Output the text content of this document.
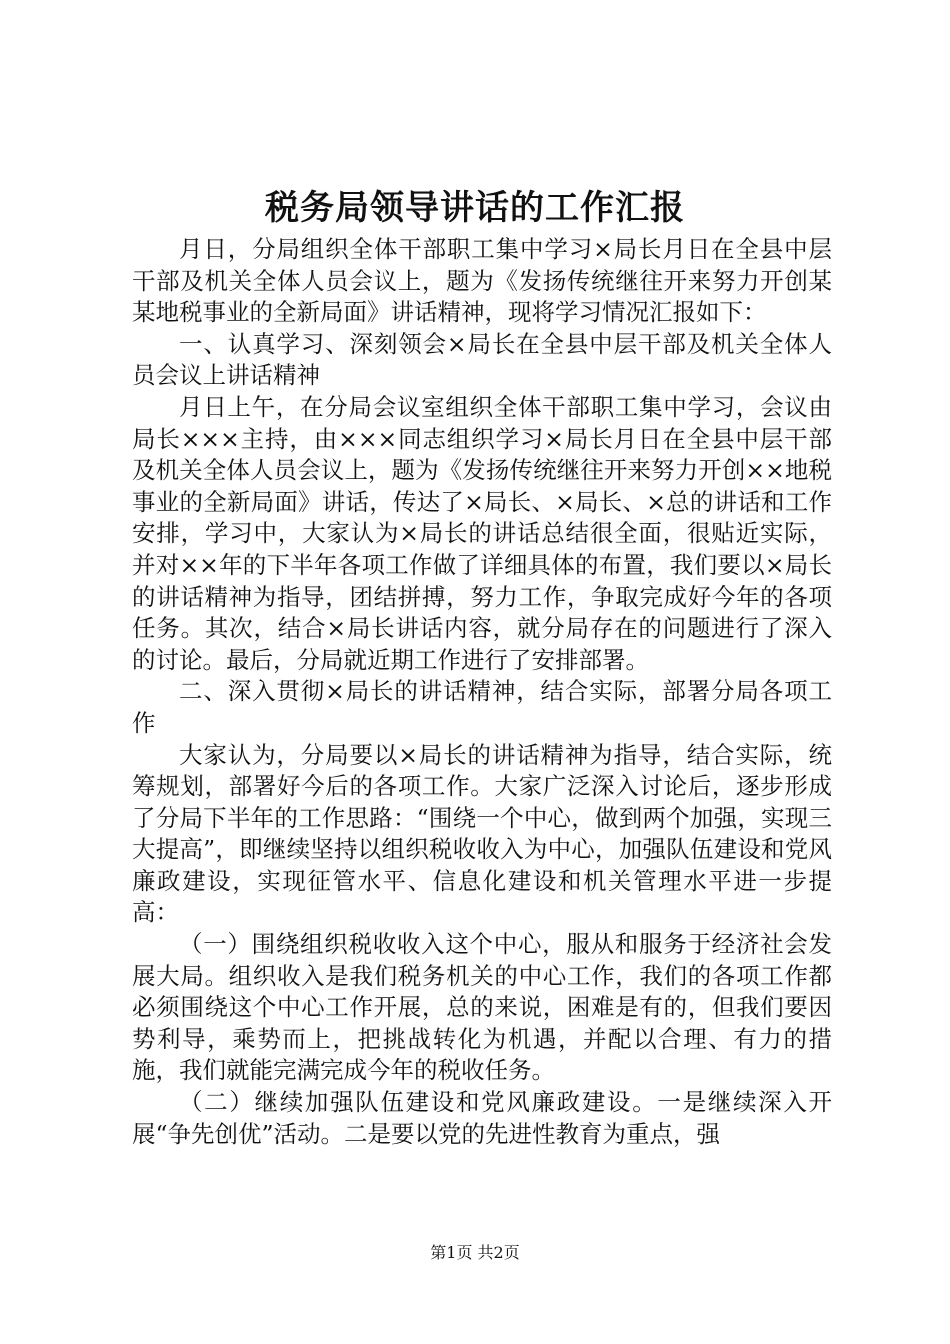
税务局领导讲话的工作汇报

月日，分局组织全体干部职工集中学习×局长月日在全县中层干部及机关全体人员会议上，题为《发扬传统继往开来努力开创某某地税事业的全新局面》讲话精神，现将学习情况汇报如下：

一、认真学习、深刻领会×局长在全县中层干部及机关全体人员会议上讲话精神

月日上午，在分局会议室组织全体干部职工集中学习，会议由局长×××主持，由×××同志组织学习×局长月日在全县中层干部及机关全体人员会议上，题为《发扬传统继往开来努力开创××地税事业的全新局面》讲话，传达了×局长、×局长、×总的讲话和工作安排，学习中，大家认为×局长的讲话总结很全面，很贴近实际，并对××年的下半年各项工作做了详细具体的布置，我们要以×局长的讲话精神为指导，团结拼搏，努力工作，争取完成好今年的各项任务。其次，结合×局长讲话内容，就分局存在的问题进行了深入的讨论。最后，分局就近期工作进行了安排部署。

二、深入贯彻×局长的讲话精神，结合实际，部署分局各项工作

大家认为，分局要以×局长的讲话精神为指导，结合实际，统筹规划，部署好今后的各项工作。大家广泛深入讨论后，逐步形成了分局下半年的工作思路：“围绕一个中心，做到两个加强，实现三大提高”，即继续坚持以组织税收收入为中心，加强队伍建设和党风廉政建设，实现征管水平、信息化建设和机关管理水平进一步提高：

（一）围绕组织税收收入这个中心，服从和服务于经济社会发展大局。组织收入是我们税务机关的中心工作，我们的各项工作都必须围绕这个中心工作开展，总的来说，困难是有的，但我们要因势利导，乘势而上，把挑战转化为机遇，并配以合理、有力的措施，我们就能完满完成今年的税收任务。

（二）继续加强队伍建设和党风廉政建设。一是继续深入开展“争先创优”活动。二是要以党的先进性教育为重点，强

第1页 共2页
